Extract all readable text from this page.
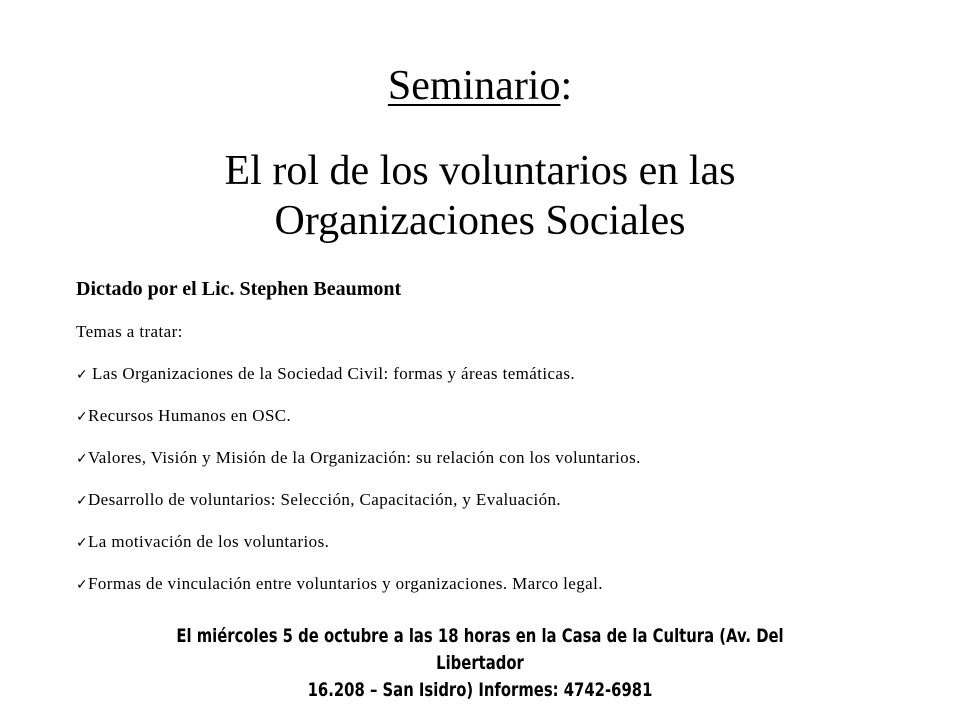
Seminario:
El rol de los voluntarios en las
Organizaciones Sociales
Dictado por el Lic. Stephen Beaumont
Temas a tratar:
✓ Las Organizaciones de la Sociedad Civil: formas y áreas temáticas.
✓ Recursos Humanos en OSC.
✓ Valores, Visión y Misión de la Organización: su relación con los voluntarios.
✓ Desarrollo de voluntarios: Selección, Capacitación, y Evaluación.
✓ La motivación de los voluntarios.
✓ Formas de vinculación entre voluntarios y organizaciones. Marco legal.
El miércoles 5 de octubre a las 18 horas en la Casa de la Cultura (Av. Del Libertador
16.208 – San Isidro) Informes: 4742-6981
